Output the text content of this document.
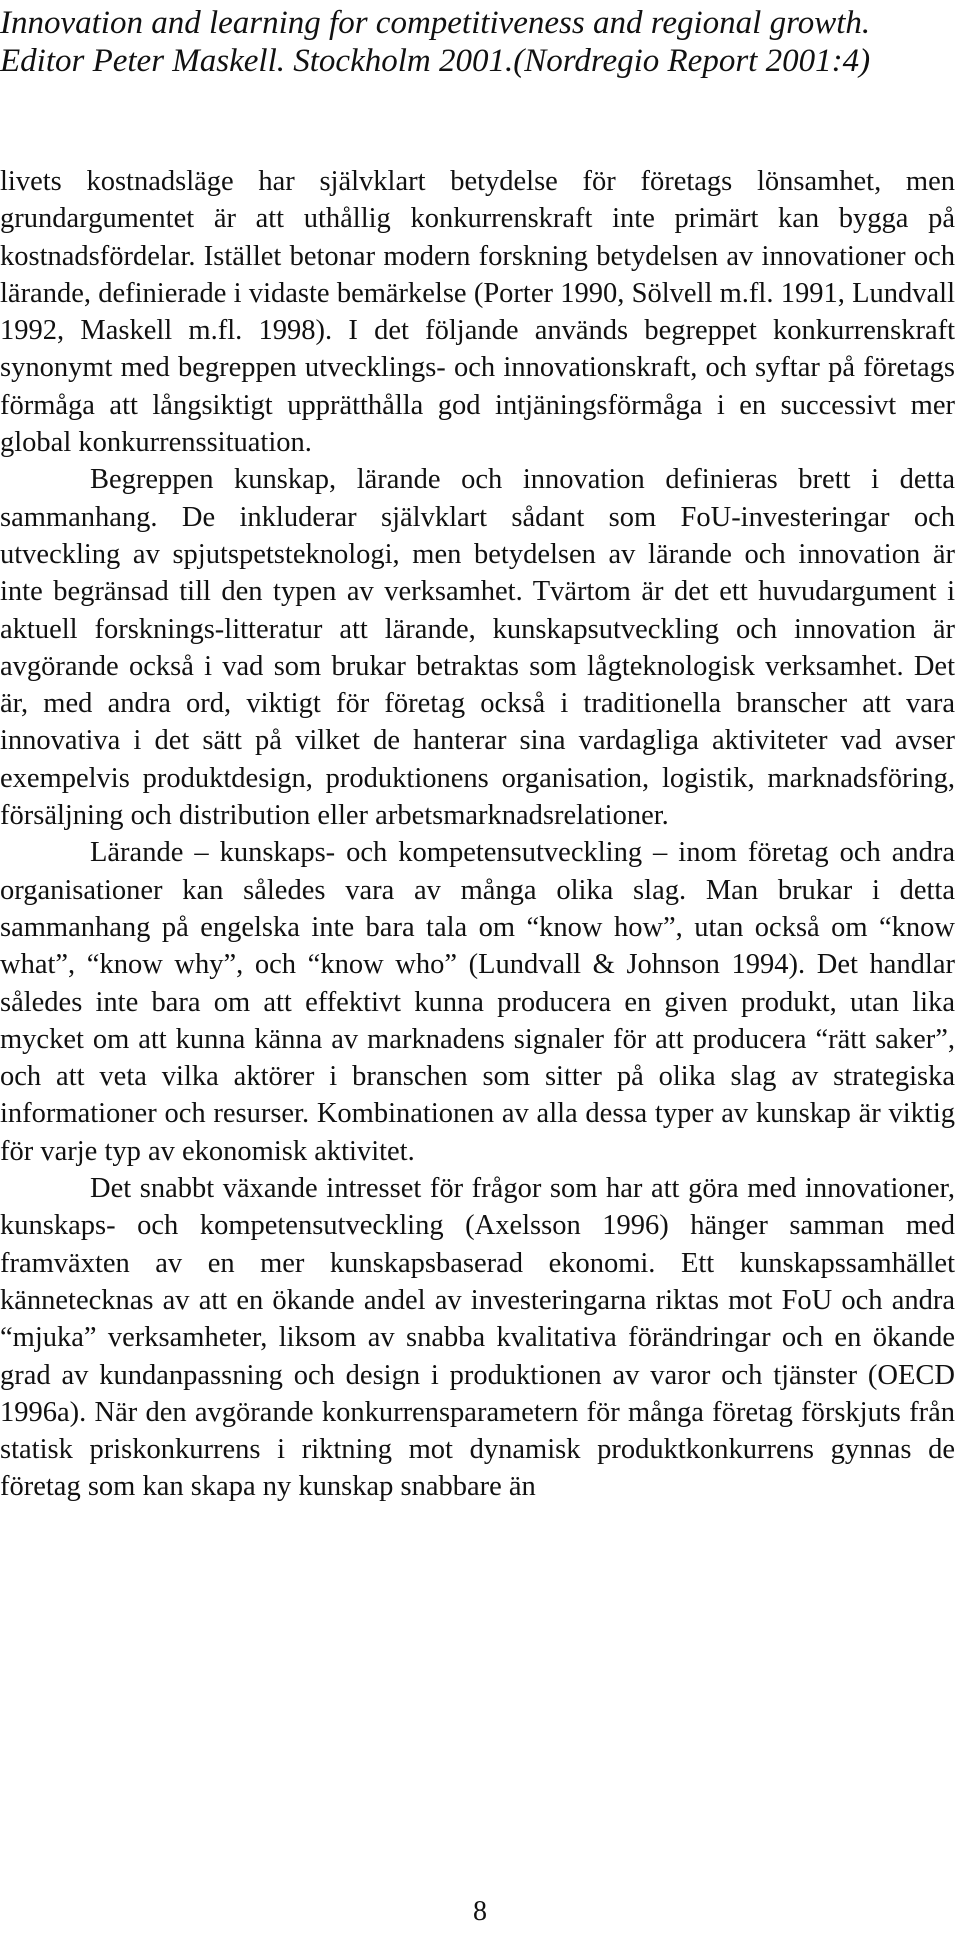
Innovation and learning for competitiveness and regional growth.
Editor Peter Maskell. Stockholm 2001.(Nordregio Report 2001:4)

livets kostnadsläge har självklart betydelse för företags lönsamhet, men grundargumentet är att uthållig konkurrenskraft inte primärt kan bygga på kostnadsfördelar. Istället betonar modern forskning betydelsen av innovationer och lärande, definierade i vidaste bemärkelse (Porter 1990, Sölvell m.fl. 1991, Lundvall 1992, Maskell m.fl. 1998). I det följande används begreppet konkurrenskraft synonymt med begreppen utvecklings- och innovationskraft, och syftar på företags förmåga att långsiktigt upprätthålla god intjäningsförmåga i en successivt mer global konkurrenssituation.

Begreppen kunskap, lärande och innovation definieras brett i detta sammanhang. De inkluderar självklart sådant som FoU-investeringar och utveckling av spjutspetsteknologi, men betydelsen av lärande och innovation är inte begränsad till den typen av verksamhet. Tvärtom är det ett huvudargument i aktuell forsknings-litteratur att lärande, kunskapsutveckling och innovation är avgörande också i vad som brukar betraktas som lågteknologisk verksamhet. Det är, med andra ord, viktigt för företag också i traditionella branscher att vara innovativa i det sätt på vilket de hanterar sina vardagliga aktiviteter vad avser exempelvis produktdesign, produktionens organisation, logistik, marknadsföring, försäljning och distribution eller arbetsmarknadsrelationer.

Lärande – kunskaps- och kompetensutveckling – inom företag och andra organisationer kan således vara av många olika slag. Man brukar i detta sammanhang på engelska inte bara tala om “know how”, utan också om “know what”, “know why”, och “know who” (Lundvall & Johnson 1994). Det handlar således inte bara om att effektivt kunna producera en given produkt, utan lika mycket om att kunna känna av marknadens signaler för att producera “rätt saker”, och att veta vilka aktörer i branschen som sitter på olika slag av strategiska informationer och resurser. Kombinationen av alla dessa typer av kunskap är viktig för varje typ av ekonomisk aktivitet.

Det snabbt växande intresset för frågor som har att göra med innovationer, kunskaps- och kompetensutveckling (Axelsson 1996) hänger samman med framväxten av en mer kunskapsbaserad ekonomi. Ett kunskapssamhället kännetecknas av att en ökande andel av investeringarna riktas mot FoU och andra “mjuka” verksamheter, liksom av snabba kvalitativa förändringar och en ökande grad av kundanpassning och design i produktionen av varor och tjänster (OECD 1996a). När den avgörande konkurrensparametern för många företag förskjuts från statisk priskonkurrens i riktning mot dynamisk produktkonkurrens gynnas de företag som kan skapa ny kunskap snabbare än

8
